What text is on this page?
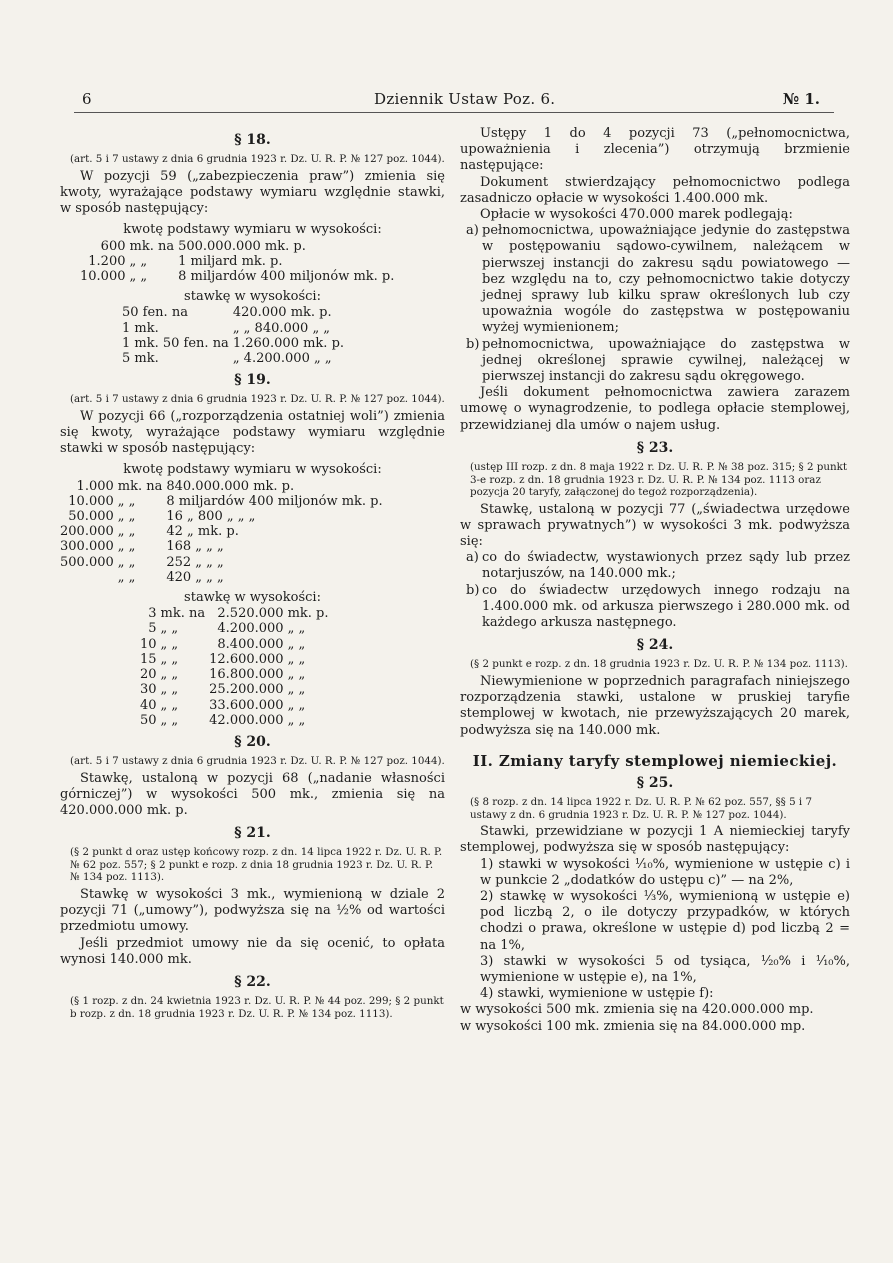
6	Dziennik Ustaw Poz. 6.	№ 1.
§ 18.

(art. 5 i 7 ustawy z dnia 6 grudnia 1923 r. Dz. U. R. P. № 127 poz. 1044).

W pozycji 59 („zabezpieczenia praw”) zmienia się kwoty, wyrażające podstawy wymiaru względnie stawki, w sposób następujący:

kwotę podstawy wymiaru w wysokości:

600	mk. na	500.000.000 mk. p.
1.200	„ „	1 miljard mk. p.
10.000	„ „	8 miljardów 400 miljonów mk. p.

stawkę w wysokości:

50 fen. na	420.000 mk. p.
1 mk.	„ „ 840.000 „ „
1 mk. 50 fen. na	1.260.000 mk. p.
5 mk.	„ 4.200.000 „ „
§ 19.

(art. 5 i 7 ustawy z dnia 6 grudnia 1923 r. Dz. U. R. P. № 127 poz. 1044).

W pozycji 66 („rozporządzenia ostatniej woli”) zmienia się kwoty, wyrażające podstawy wymiaru względnie stawki w sposób następujący:

kwotę podstawy wymiaru w wysokości:

1.000	mk. na	840.000.000 mk. p.
10.000	„ „	8 miljardów 400 miljonów mk. p.
50.000	„ „	16 „ 800 „ „ „
200.000	„ „	42 „ mk. p.
300.000	„ „	168 „ „ „
500.000	„ „	252 „ „ „
	„ „	420 „ „ „

stawkę w wysokości:

3	mk. na	2.520.000	mk. p.
5	„ „	4.200.000	„ „
10	„ „	8.400.000	„ „
15	„ „	12.600.000	„ „
20	„ „	16.800.000	„ „
30	„ „	25.200.000	„ „
40	„ „	33.600.000	„ „
50	„ „	42.000.000	„ „
§ 20.

(art. 5 i 7 ustawy z dnia 6 grudnia 1923 r. Dz. U. R. P. № 127 poz. 1044).

Stawkę, ustaloną w pozycji 68 („nadanie własności górniczej”) w wysokości 500 mk., zmienia się na 420.000.000 mk. p.

§ 21.

(§ 2 punkt d oraz ustęp końcowy rozp. z dn. 14 lipca 1922 r. Dz. U. R. P. № 62 poz. 557; § 2 punkt e rozp. z dnia 18 grudnia 1923 r. Dz. U. R. P. № 134 poz. 1113).

Stawkę w wysokości 3 mk., wymienioną w dziale 2 pozycji 71 („umowy”), podwyższa się na ½% od wartości przedmiotu umowy.

Jeśli przedmiot umowy nie da się ocenić, to opłata wynosi 140.000 mk.

§ 22.

(§ 1 rozp. z dn. 24 kwietnia 1923 r. Dz. U. R. P. № 44 poz. 299; § 2 punkt b rozp. z dn. 18 grudnia 1923 r. Dz. U. R. P. № 134 poz. 1113).

Ustępy 1 do 4 pozycji 73 („pełnomocnictwa, upoważnienia i zlecenia”) otrzymują brzmienie następujące:

Dokument stwierdzający pełnomocnictwo podlega zasadniczo opłacie w wysokości 1.400.000 mk.

Opłacie w wysokości 470.000 marek podlegają:

a) pełnomocnictwa, upoważniające jedynie do zastępstwa w postępowaniu sądowo-cywilnem, należącem w pierwszej instancji do zakresu sądu powiatowego — bez względu na to, czy pełnomocnictwo takie dotyczy jednej sprawy lub kilku spraw określonych lub czy upoważnia wogóle do zastępstwa w postępowaniu wyżej wymienionem;
b) pełnomocnictwa, upoważniające do zastępstwa w jednej określonej sprawie cywilnej, należącej w pierwszej instancji do zakresu sądu okręgowego.

Jeśli dokument pełnomocnictwa zawiera zarazem umowę o wynagrodzenie, to podlega opłacie stemplowej, przewidzianej dla umów o najem usług.

§ 23.

(ustęp III rozp. z dn. 8 maja 1922 r. Dz. U. R. P. № 38 poz. 315; § 2 punkt 3-e rozp. z dn. 18 grudnia 1923 r. Dz. U. R. P. № 134 poz. 1113 oraz pozycja 20 taryfy, załączonej do tegoż rozporządzenia).

Stawkę, ustaloną w pozycji 77 („świadectwa urzędowe w sprawach prywatnych”) w wysokości 3 mk. podwyższa się:

a) co do świadectw, wystawionych przez sądy lub przez notarjuszów, na 140.000 mk.;
b) co do świadectw urzędowych innego rodzaju na 1.400.000 mk. od arkusza pierwszego i 280.000 mk. od każdego arkusza następnego.
§ 24.

(§ 2 punkt e rozp. z dn. 18 grudnia 1923 r. Dz. U. R. P. № 134 poz. 1113).

Niewymienione w poprzednich paragrafach niniejszego rozporządzenia stawki, ustalone w pruskiej taryfie stemplowej w kwotach, nie przewyższających 20 marek, podwyższa się na 140.000 mk.

II. Zmiany taryfy stemplowej niemieckiej.
§ 25.

(§ 8 rozp. z dn. 14 lipca 1922 r. Dz. U. R. P. № 62 poz. 557, §§ 5 i 7 ustawy z dn. 6 grudnia 1923 r. Dz. U. R. P. № 127 poz. 1044).

Stawki, przewidziane w pozycji 1 A niemieckiej taryfy stemplowej, podwyższa się w sposób następujący:

1) stawki w wysokości ⅟₁₀%, wymienione w ustępie c) i w punkcie 2 „dodatków do ustępu c)” — na 2%,

2) stawkę w wysokości ⅓%, wymienioną w ustępie e) pod liczbą 2, o ile dotyczy przypadków, w których chodzi o prawa, określone w ustępie d) pod liczbą 2 = na 1%,

3) stawki w wysokości 5 od tysiąca, ⅟₂₀% i ⅟₁₀%, wymienione w ustępie e), na 1%,

4) stawki, wymienione w ustępie f):

w wysokości 500 mk. zmienia się na 420.000.000 mp.

w wysokości 100 mk. zmienia się na 84.000.000 mp.
